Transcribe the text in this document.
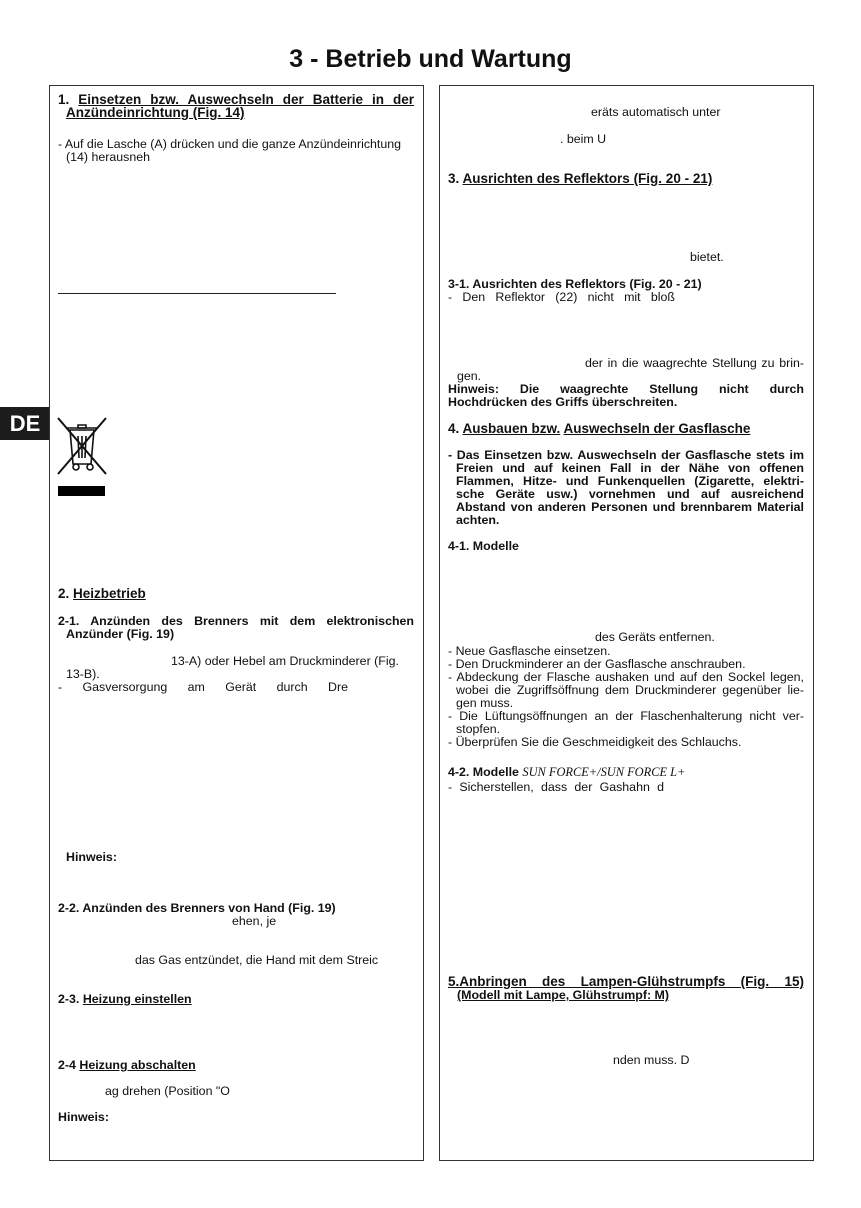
3 - Betrieb und Wartung
DE
1. Einsetzen bzw. Auswechseln der Batterie in der
Anzündeinrichtung (Fig. 14)
- Auf die Lasche (A) drücken und die ganze Anzündeinrichtung
(14) herausneh
2. Heizbetrieb
2-1. Anzünden des Brenners mit dem elektronischen
Anzünder (Fig. 19)
13-A) oder Hebel am Druckminderer (Fig.
13-B).
- Gasversorgung am Gerät durch Dre
Hinweis:
2-2. Anzünden des Brenners von Hand (Fig. 19)
ehen, je
das Gas entzündet, die Hand mit dem Streic
2-3. Heizung einstellen
2-4 Heizung abschalten
ag drehen (Position "O
Hinweis:
eräts automatisch unter
. beim U
3. Ausrichten des Reflektors (Fig. 20 - 21)
bietet.
3-1. Ausrichten des Reflektors (Fig. 20 - 21)
- Den Reflektor (22) nicht mit bloß
der in die waagrechte Stellung zu brin-
gen.
Hinweis: Die waagrechte Stellung nicht durch
Hochdrücken des Griffs überschreiten.
4. Ausbauen bzw. Auswechseln der Gasflasche
- Das Einsetzen bzw. Auswechseln der Gasflasche stets im
Freien und auf keinen Fall in der Nähe von offenen
Flammen, Hitze- und Funkenquellen (Zigarette, elektri-
sche Geräte usw.) vornehmen und auf ausreichend
Abstand von anderen Personen und brennbarem Material
achten.
4-1. Modelle
des Geräts entfernen.
- Neue Gasflasche einsetzen.
- Den Druckminderer an der Gasflasche anschrauben.
- Abdeckung der Flasche aushaken und auf den Sockel legen,
wobei die Zugriffsöffnung dem Druckminderer gegenüber lie-
gen muss.
- Die Lüftungsöffnungen an der Flaschenhalterung nicht ver-
stopfen.
- Überprüfen Sie die Geschmeidigkeit des Schlauchs.
4-2. Modelle SUN FORCE+/SUN FORCE L+
- Sicherstellen, dass der Gashahn d
5.Anbringen des Lampen-Glühstrumpfs (Fig. 15)
(Modell mit Lampe, Glühstrumpf: M)
nden muss. D
